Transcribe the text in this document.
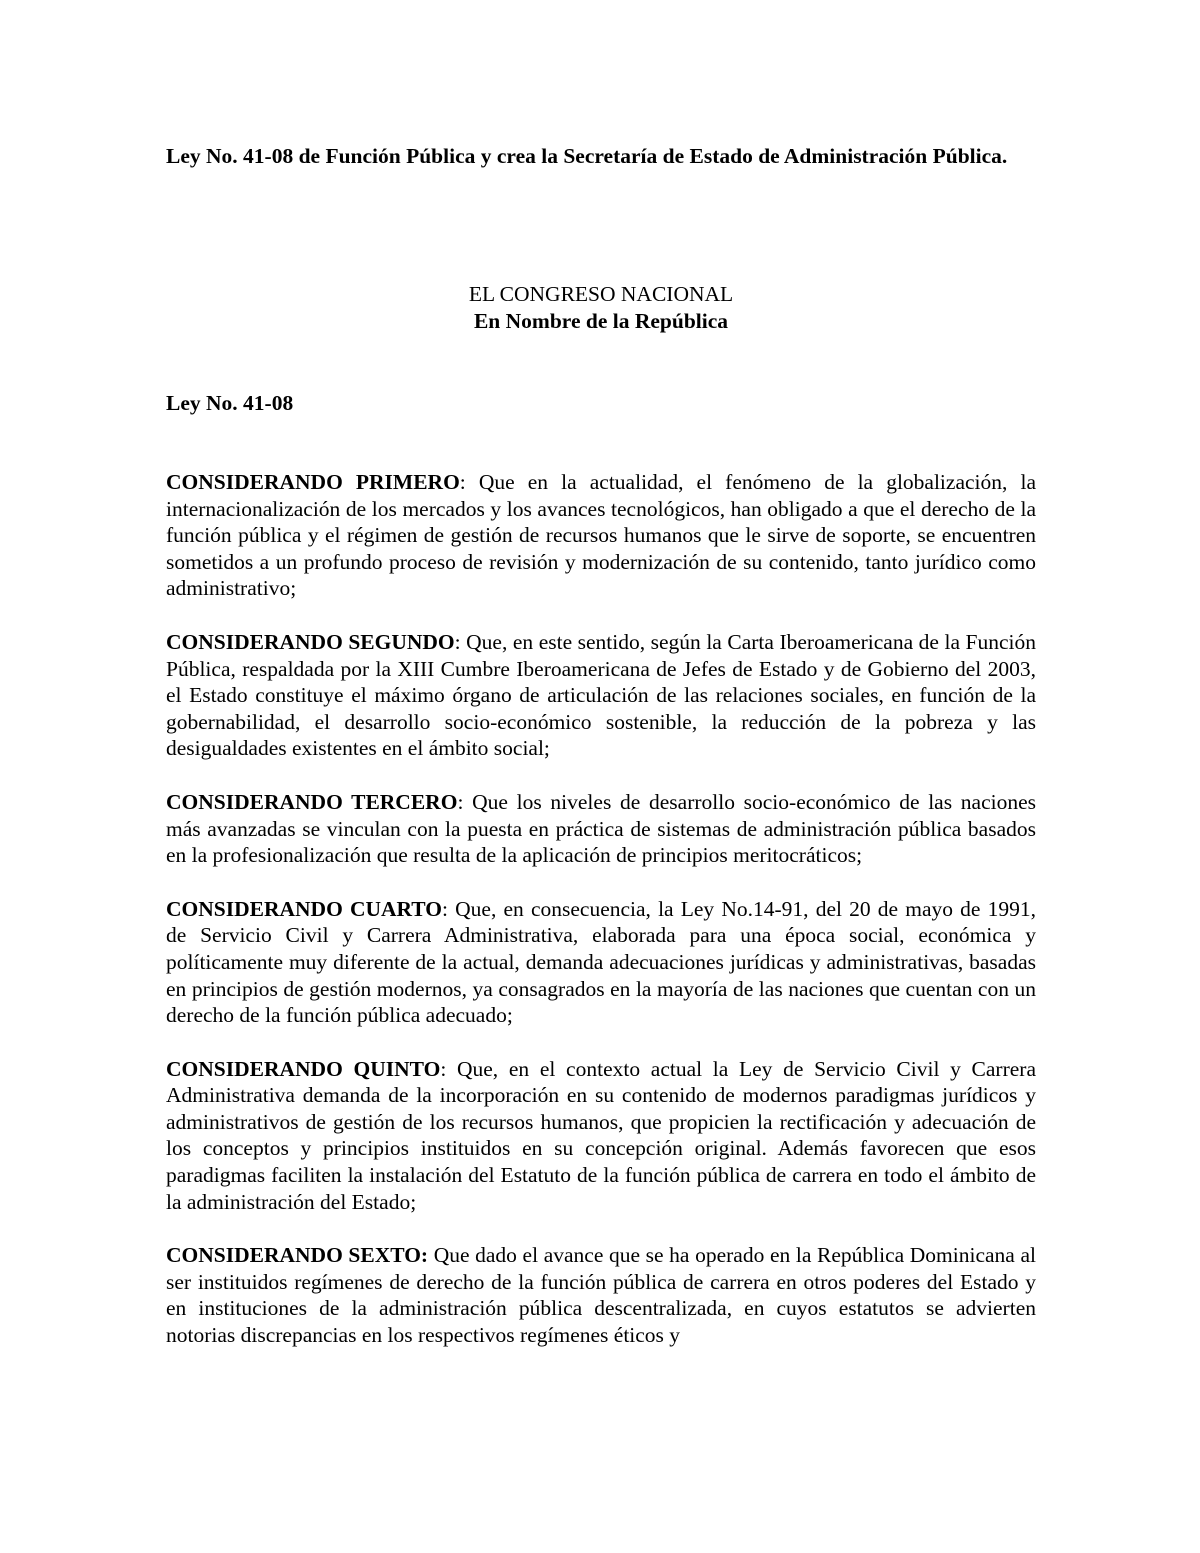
Ley No. 41-08 de Función Pública y crea la Secretaría de Estado de Administración Pública.

EL CONGRESO NACIONAL
En Nombre de la República
Ley No. 41-08

CONSIDERANDO PRIMERO: Que en la actualidad, el fenómeno de la globalización, la internacionalización de los mercados y los avances tecnológicos, han obligado a que el derecho de la función pública y el régimen de gestión de recursos humanos que le sirve de soporte, se encuentren sometidos a un profundo proceso de revisión y modernización de su contenido, tanto jurídico como administrativo;

CONSIDERANDO SEGUNDO: Que, en este sentido, según la Carta Iberoamericana de la Función Pública, respaldada por la XIII Cumbre Iberoamericana de Jefes de Estado y de Gobierno del 2003, el Estado constituye el máximo órgano de articulación de las relaciones sociales, en función de la gobernabilidad, el desarrollo socio-económico sostenible, la reducción de la pobreza y las desigualdades existentes en el ámbito social;

CONSIDERANDO TERCERO: Que los niveles de desarrollo socio-económico de las naciones más avanzadas se vinculan con la puesta en práctica de sistemas de administración pública basados en la profesionalización que resulta de la aplicación de principios meritocráticos;

CONSIDERANDO CUARTO: Que, en consecuencia, la Ley No.14-91, del 20 de mayo de 1991, de Servicio Civil y Carrera Administrativa, elaborada para una época social, económica y políticamente muy diferente de la actual, demanda adecuaciones jurídicas y administrativas, basadas en principios de gestión modernos, ya consagrados en la mayoría de las naciones que cuentan con un derecho de la función pública adecuado;

CONSIDERANDO QUINTO: Que, en el contexto actual la Ley de Servicio Civil y Carrera Administrativa demanda de la incorporación en su contenido de modernos paradigmas jurídicos y administrativos de gestión de los recursos humanos, que propicien la rectificación y adecuación de los conceptos y principios instituidos en su concepción original. Además favorecen que esos paradigmas faciliten la instalación del Estatuto de la función pública de carrera en todo el ámbito de la administración del Estado;

CONSIDERANDO SEXTO: Que dado el avance que se ha operado en la República Dominicana al ser instituidos regímenes de derecho de la función pública de carrera en otros poderes del Estado y en instituciones de la administración pública descentralizada, en cuyos estatutos se advierten notorias discrepancias en los respectivos regímenes éticos y
